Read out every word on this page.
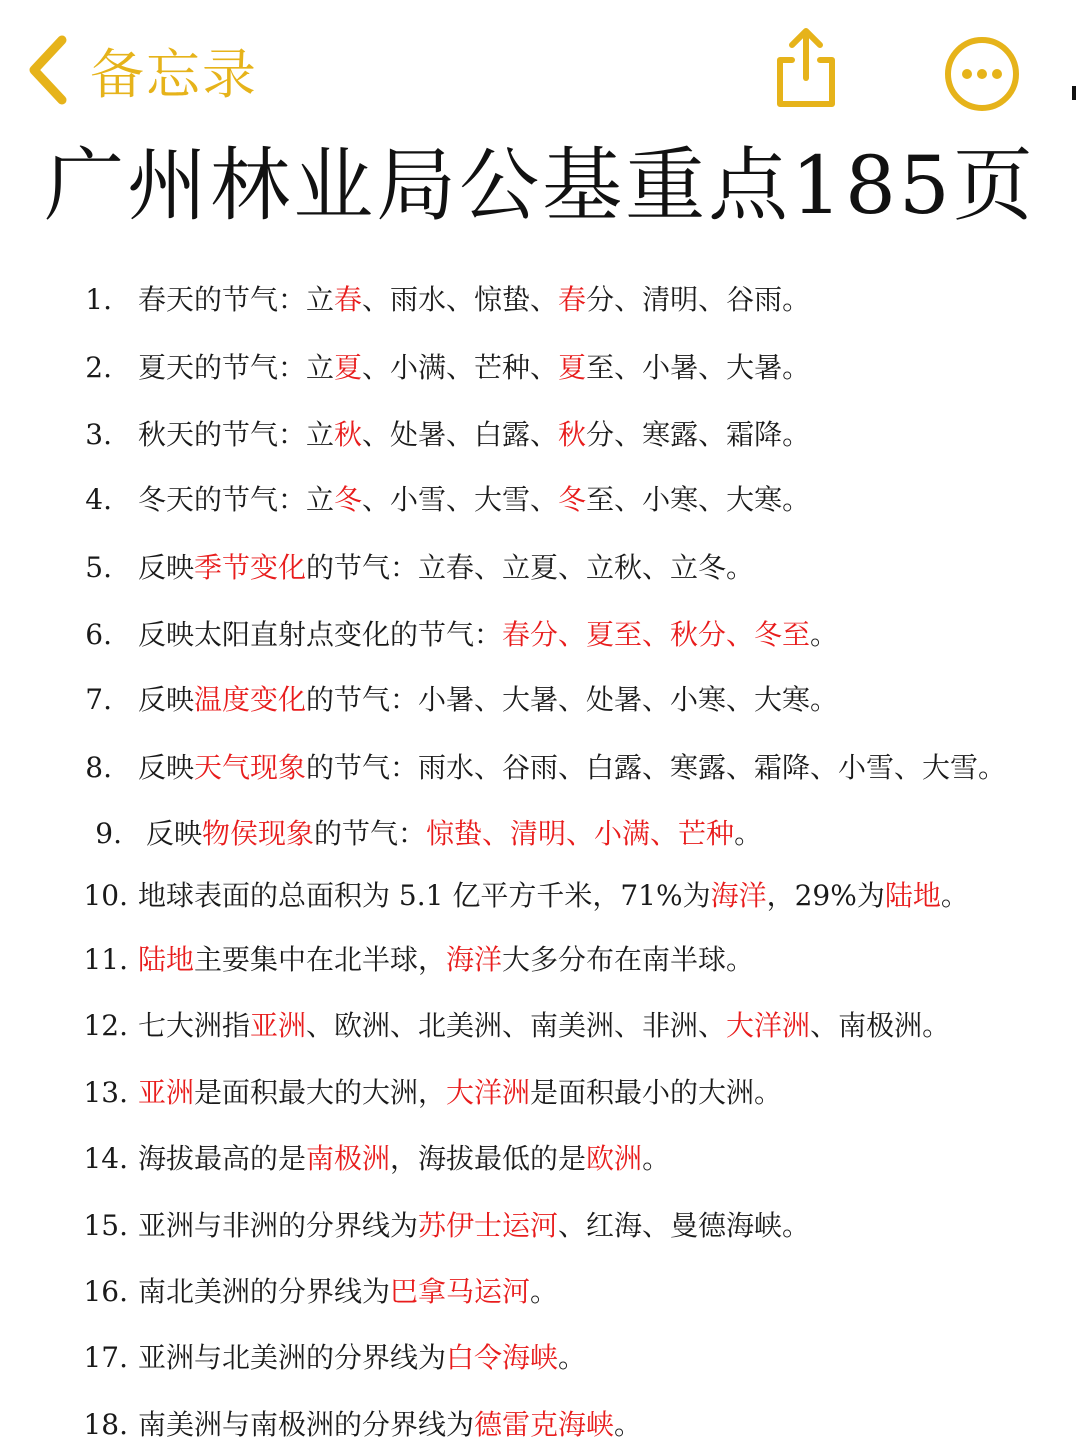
备忘录
广州林业局公基重点185页
1. 春天的节气：立春、雨水、惊蛰、春分、清明、谷雨。
2. 夏天的节气：立夏、小满、芒种、夏至、小暑、大暑。
3. 秋天的节气：立秋、处暑、白露、秋分、寒露、霜降。
4. 冬天的节气：立冬、小雪、大雪、冬至、小寒、大寒。
5. 反映季节变化的节气：立春、立夏、立秋、立冬。
6. 反映太阳直射点变化的节气：春分、夏至、秋分、冬至。
7. 反映温度变化的节气：小暑、大暑、处暑、小寒、大寒。
8. 反映天气现象的节气：雨水、谷雨、白露、寒露、霜降、小雪、大雪。
9. 反映物侯现象的节气：惊蛰、清明、小满、芒种。
10. 地球表面的总面积为 5.1 亿平方千米，71%为海洋，29%为陆地。
11. 陆地主要集中在北半球，海洋大多分布在南半球。
12. 七大洲指亚洲、欧洲、北美洲、南美洲、非洲、大洋洲、南极洲。
13. 亚洲是面积最大的大洲，大洋洲是面积最小的大洲。
14. 海拔最高的是南极洲，海拔最低的是欧洲。
15. 亚洲与非洲的分界线为苏伊士运河、红海、曼德海峡。
16. 南北美洲的分界线为巴拿马运河。
17. 亚洲与北美洲的分界线为白令海峡。
18. 南美洲与南极洲的分界线为德雷克海峡。
